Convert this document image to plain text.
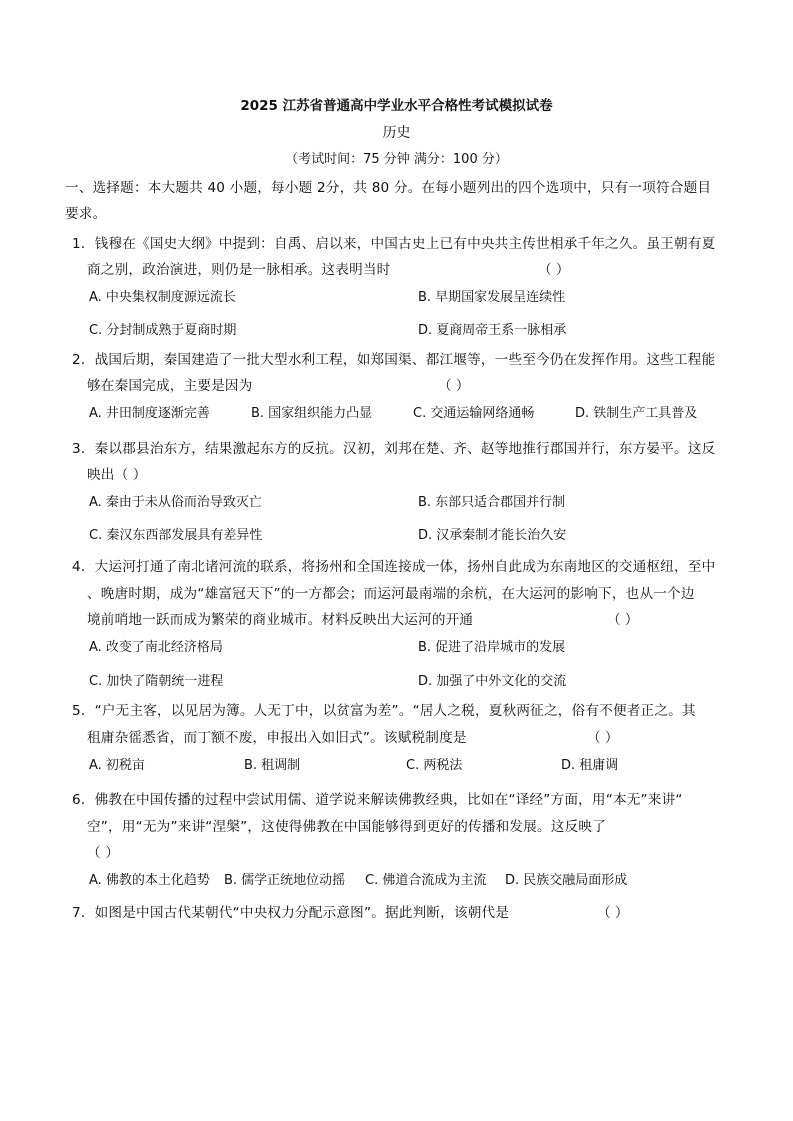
2025 江苏省普通高中学业水平合格性考试模拟试卷
历史
（考试时间：75 分钟 满分：100 分）
一、选择题：本大题共 40 小题，每小题 2分，共 80 分。在每小题列出的四个选项中，只有一项符合题目
要求。
1．钱穆在《国史大纲》中提到：自禹、启以来，中国古史上已有中央共主传世相承千年之久。虽王朝有夏
商之别，政治演进，则仍是一脉相承。这表明当时	（ ）
A. 中央集权制度源远流长	B. 早期国家发展呈连续性
C. 分封制成熟于夏商时期	D. 夏商周帝王系一脉相承
2．战国后期，秦国建造了一批大型水利工程，如郑国渠、都江堰等，一些至今仍在发挥作用。这些工程能
够在秦国完成，主要是因为	（ ）
A. 井田制度逐渐完善	B. 国家组织能力凸显	C. 交通运输网络通畅	D. 铁制生产工具普及
3．秦以郡县治东方，结果激起东方的反抗。汉初，刘邦在楚、齐、赵等地推行郡国并行，东方晏平。这反
映出（ ）
A. 秦由于未从俗而治导致灭亡	B. 东部只适合郡国并行制
C. 秦汉东西部发展具有差异性	D. 汉承秦制才能长治久安
4．大运河打通了南北诸河流的联系，将扬州和全国连接成一体，扬州自此成为东南地区的交通枢纽，至中
、晚唐时期，成为“雄富冠天下”的一方都会；而运河最南端的余杭，在大运河的影响下，也从一个边
境前哨地一跃而成为繁荣的商业城市。材料反映出大运河的开通	（ ）
A. 改变了南北经济格局	B. 促进了沿岸城市的发展
C. 加快了隋朝统一进程	D. 加强了中外文化的交流
5．“户无主客，以见居为簿。人无丁中，以贫富为差”。“居人之税，夏秋两征之，俗有不便者正之。其
租庸杂徭悉省，而丁额不废，申报出入如旧式”。该赋税制度是	（ ）
A. 初税亩	B. 租调制	C. 两税法	D. 租庸调
6．佛教在中国传播的过程中尝试用儒、道学说来解读佛教经典，比如在“译经”方面，用“本无”来讲“
空”，用“无为”来讲“涅槃”，这使得佛教在中国能够得到更好的传播和发展。这反映了
（ ）
A. 佛教的本土化趋势 B. 儒学正统地位动摇 C. 佛道合流成为主流 D. 民族交融局面形成
7．如图是中国古代某朝代“中央权力分配示意图”。据此判断，该朝代是	（ ）
